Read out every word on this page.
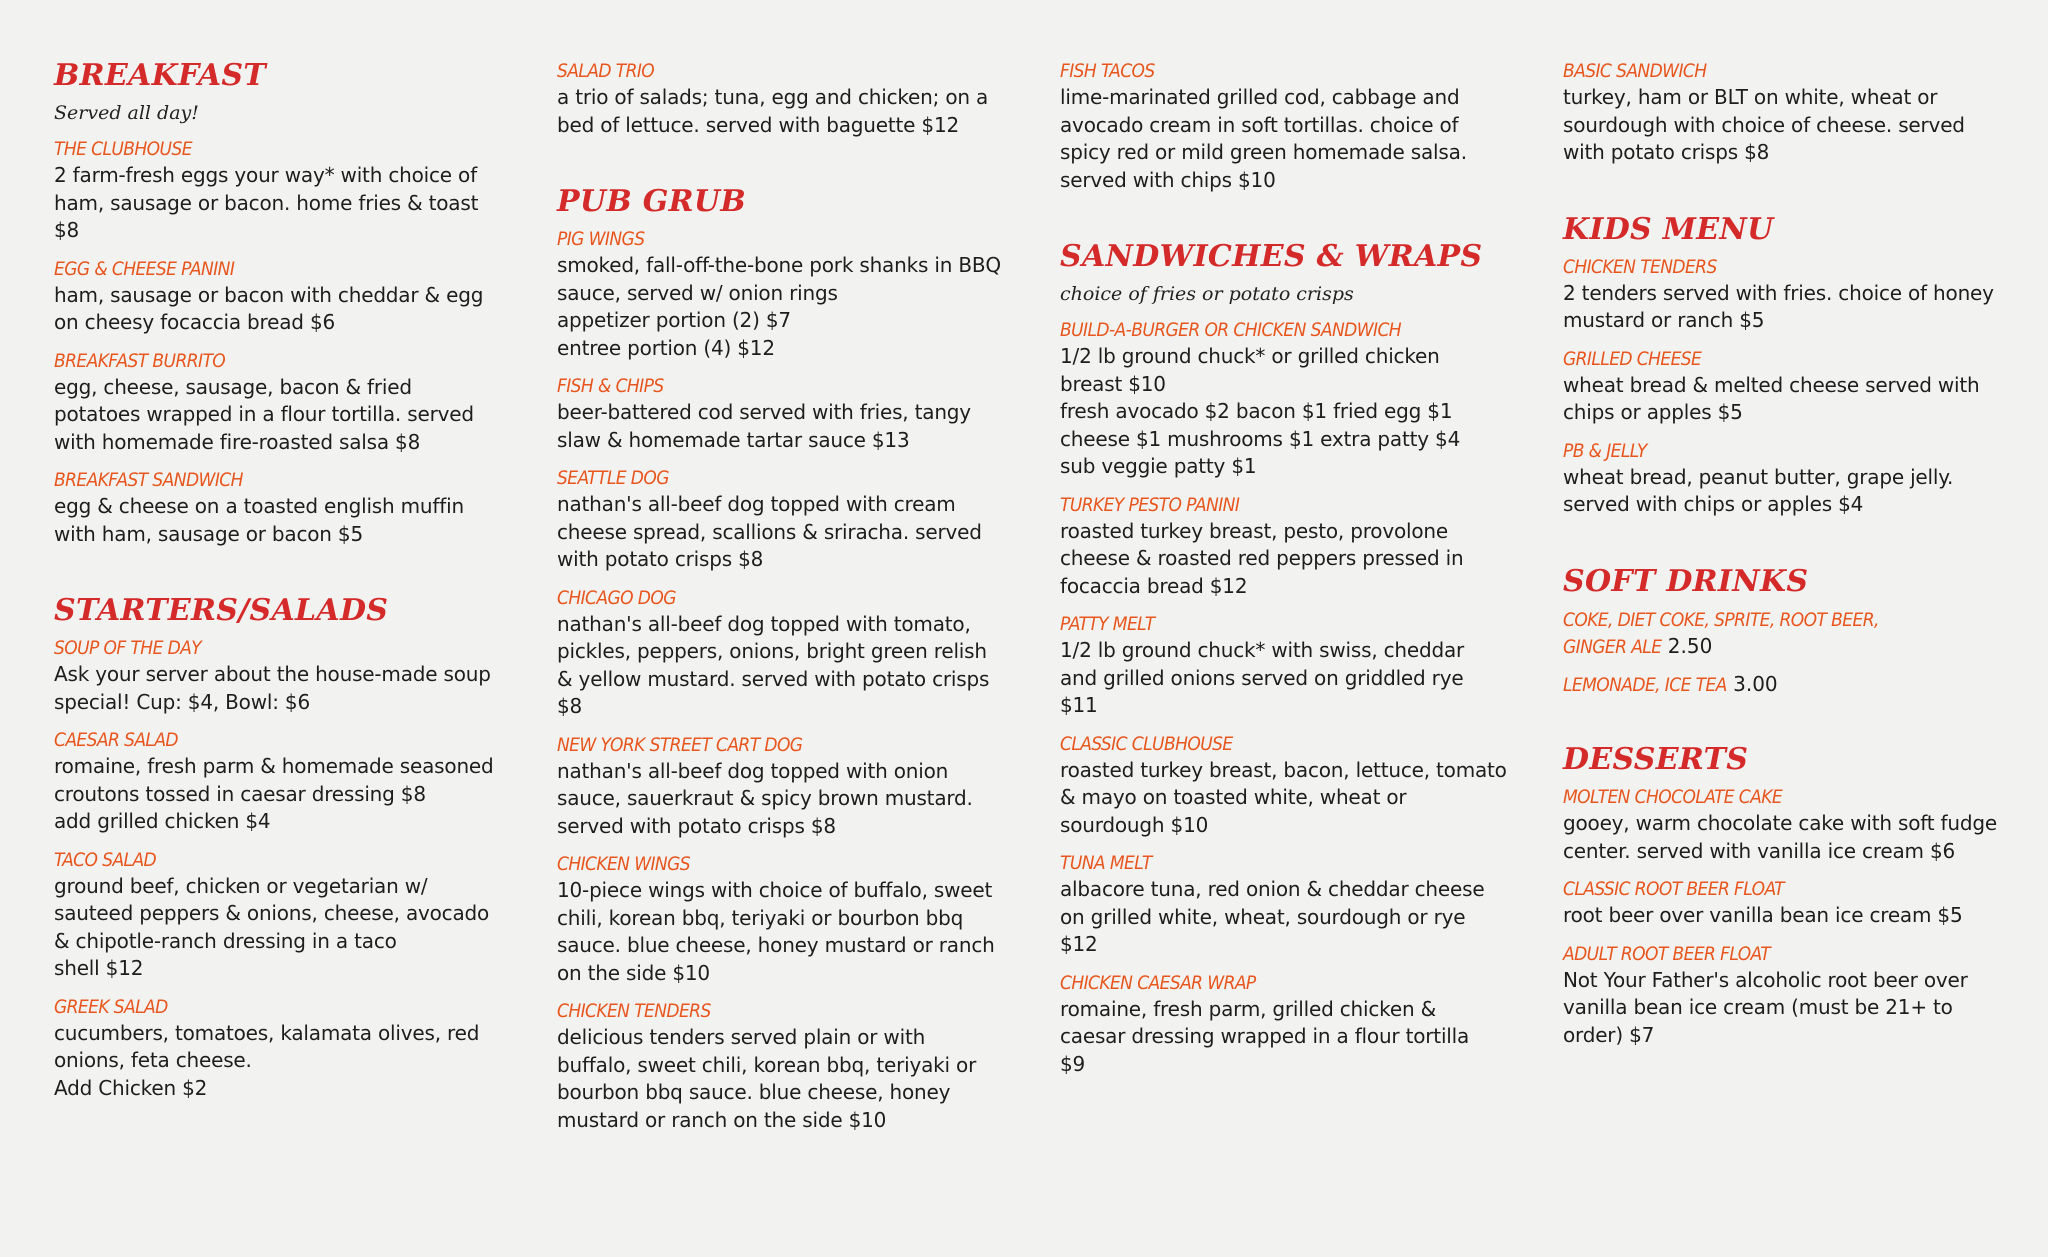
BREAKFAST
Served all day!
THE CLUBHOUSE
2 farm-fresh eggs your way* with choice of
ham, sausage or bacon. home fries & toast
$8
EGG & CHEESE PANINI
ham, sausage or bacon with cheddar & egg
on cheesy focaccia bread $6
BREAKFAST BURRITO
egg, cheese, sausage, bacon & fried
potatoes wrapped in a flour tortilla. served
with homemade fire-roasted salsa $8
BREAKFAST SANDWICH
egg & cheese on a toasted english muffin
with ham, sausage or bacon $5
STARTERS/SALADS
SOUP OF THE DAY
Ask your server about the house-made soup
special! Cup: $4, Bowl: $6
CAESAR SALAD
romaine, fresh parm & homemade seasoned
croutons tossed in caesar dressing $8
add grilled chicken $4
TACO SALAD
ground beef, chicken or vegetarian w/
sauteed peppers & onions, cheese, avocado
& chipotle-ranch dressing in a taco
shell $12
GREEK SALAD
cucumbers, tomatoes, kalamata olives, red
onions, feta cheese.
Add Chicken $2
SALAD TRIO
a trio of salads; tuna, egg and chicken; on a
bed of lettuce. served with baguette $12
PUB GRUB
PIG WINGS
smoked, fall-off-the-bone pork shanks in BBQ
sauce, served w/ onion rings
appetizer portion (2) $7
entree portion (4) $12
FISH & CHIPS
beer-battered cod served with fries, tangy
slaw & homemade tartar sauce $13
SEATTLE DOG
nathan's all-beef dog topped with cream
cheese spread, scallions & sriracha. served
with potato crisps $8
CHICAGO DOG
nathan's all-beef dog topped with tomato,
pickles, peppers, onions, bright green relish
& yellow mustard. served with potato crisps
$8
NEW YORK STREET CART DOG
nathan's all-beef dog topped with onion
sauce, sauerkraut & spicy brown mustard.
served with potato crisps $8
CHICKEN WINGS
10-piece wings with choice of buffalo, sweet
chili, korean bbq, teriyaki or bourbon bbq
sauce. blue cheese, honey mustard or ranch
on the side $10
CHICKEN TENDERS
delicious tenders served plain or with
buffalo, sweet chili, korean bbq, teriyaki or
bourbon bbq sauce. blue cheese, honey
mustard or ranch on the side $10
FISH TACOS
lime-marinated grilled cod, cabbage and
avocado cream in soft tortillas. choice of
spicy red or mild green homemade salsa.
served with chips $10
SANDWICHES & WRAPS
choice of fries or potato crisps
BUILD-A-BURGER OR CHICKEN SANDWICH
1/2 lb ground chuck* or grilled chicken
breast $10
fresh avocado $2 bacon $1 fried egg $1
cheese $1 mushrooms $1 extra patty $4
sub veggie patty $1
TURKEY PESTO PANINI
roasted turkey breast, pesto, provolone
cheese & roasted red peppers pressed in
focaccia bread $12
PATTY MELT
1/2 lb ground chuck* with swiss, cheddar
and grilled onions served on griddled rye
$11
CLASSIC CLUBHOUSE
roasted turkey breast, bacon, lettuce, tomato
& mayo on toasted white, wheat or
sourdough $10
TUNA MELT
albacore tuna, red onion & cheddar cheese
on grilled white, wheat, sourdough or rye
$12
CHICKEN CAESAR WRAP
romaine, fresh parm, grilled chicken &
caesar dressing wrapped in a flour tortilla
$9
BASIC SANDWICH
turkey, ham or BLT on white, wheat or
sourdough with choice of cheese. served
with potato crisps $8
KIDS MENU
CHICKEN TENDERS
2 tenders served with fries. choice of honey
mustard or ranch $5
GRILLED CHEESE
wheat bread & melted cheese served with
chips or apples $5
PB & JELLY
wheat bread, peanut butter, grape jelly.
served with chips or apples $4
SOFT DRINKS
COKE, DIET COKE, SPRITE, ROOT BEER,
GINGER ALE 2.50
LEMONADE, ICE TEA 3.00
DESSERTS
MOLTEN CHOCOLATE CAKE
gooey, warm chocolate cake with soft fudge
center. served with vanilla ice cream $6
CLASSIC ROOT BEER FLOAT
root beer over vanilla bean ice cream $5
ADULT ROOT BEER FLOAT
Not Your Father's alcoholic root beer over
vanilla bean ice cream (must be 21+ to
order) $7
